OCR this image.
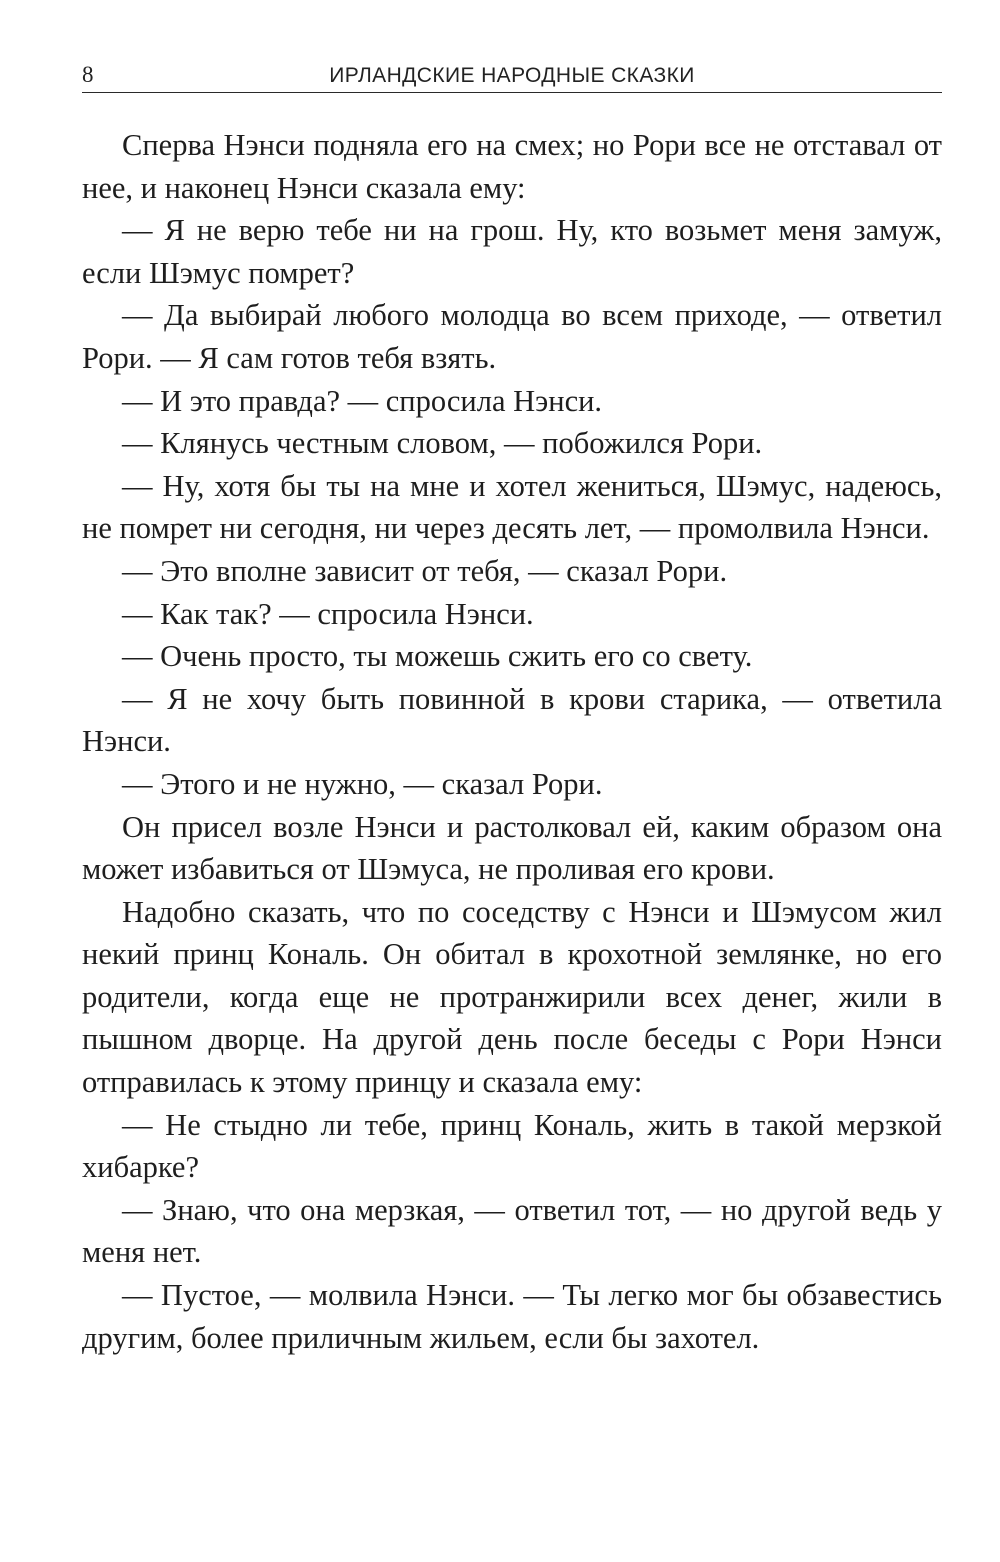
8	ИРЛАНДСКИЕ НАРОДНЫЕ СКАЗКИ

Сперва Нэнси подняла его на смех; но Рори все не отставал от нее, и наконец Нэнси сказала ему:

— Я не верю тебе ни на грош. Ну, кто возьмет меня замуж, если Шэмус помрет?

— Да выбирай любого молодца во всем приходе, — ответил Рори. — Я сам готов тебя взять.

— И это правда? — спросила Нэнси.

— Клянусь честным словом, — побожился Рори.

— Ну, хотя бы ты на мне и хотел жениться, Шэмус, надеюсь, не помрет ни сегодня, ни через десять лет, — промолвила Нэнси.

— Это вполне зависит от тебя, — сказал Рори.

— Как так? — спросила Нэнси.

— Очень просто, ты можешь сжить его со свету.

— Я не хочу быть повинной в крови старика, — ответила Нэнси.

— Этого и не нужно, — сказал Рори.

Он присел возле Нэнси и растолковал ей, каким образом она может избавиться от Шэмуса, не проливая его крови.

Надобно сказать, что по соседству с Нэнси и Шэмусом жил некий принц Кональ. Он обитал в крохотной землянке, но его родители, когда еще не протранжирили всех денег, жили в пышном дворце. На другой день после беседы с Рори Нэнси отправилась к этому принцу и сказала ему:

— Не стыдно ли тебе, принц Кональ, жить в такой мерзкой хибарке?

— Знаю, что она мерзкая, — ответил тот, — но другой ведь у меня нет.

— Пустое, — молвила Нэнси. — Ты легко мог бы обзавестись другим, более приличным жильем, если бы захотел.
